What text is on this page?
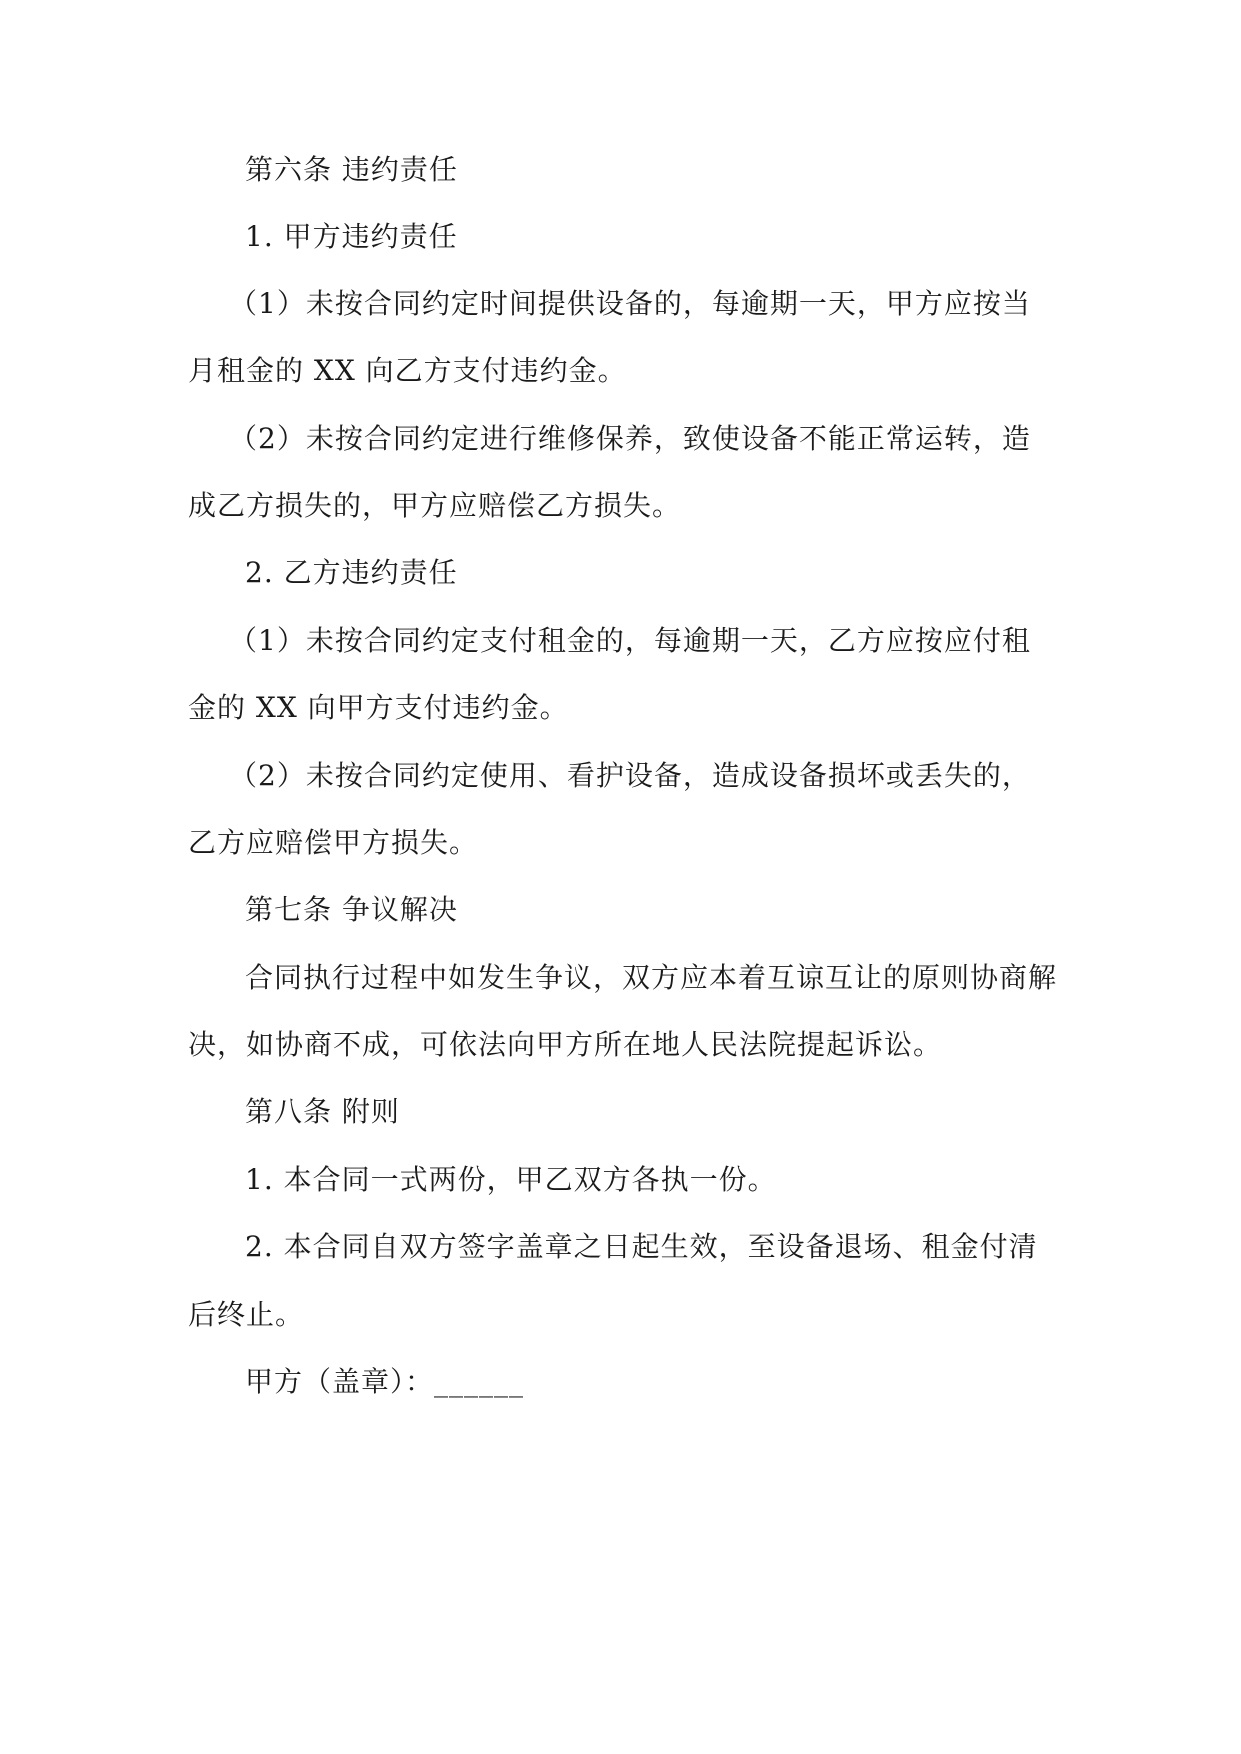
第六条 违约责任
1. 甲方违约责任
（1）未按合同约定时间提供设备的，每逾期一天，甲方应按当
月租金的 XX 向乙方支付违约金。
（2）未按合同约定进行维修保养，致使设备不能正常运转，造
成乙方损失的，甲方应赔偿乙方损失。
2. 乙方违约责任
（1）未按合同约定支付租金的，每逾期一天，乙方应按应付租
金的 XX 向甲方支付违约金。
（2）未按合同约定使用、看护设备，造成设备损坏或丢失的，
乙方应赔偿甲方损失。
第七条 争议解决
合同执行过程中如发生争议，双方应本着互谅互让的原则协商解
决，如协商不成，可依法向甲方所在地人民法院提起诉讼。
第八条 附则
1. 本合同一式两份，甲乙双方各执一份。
2. 本合同自双方签字盖章之日起生效，至设备退场、租金付清
后终止。
甲方（盖章）：______
